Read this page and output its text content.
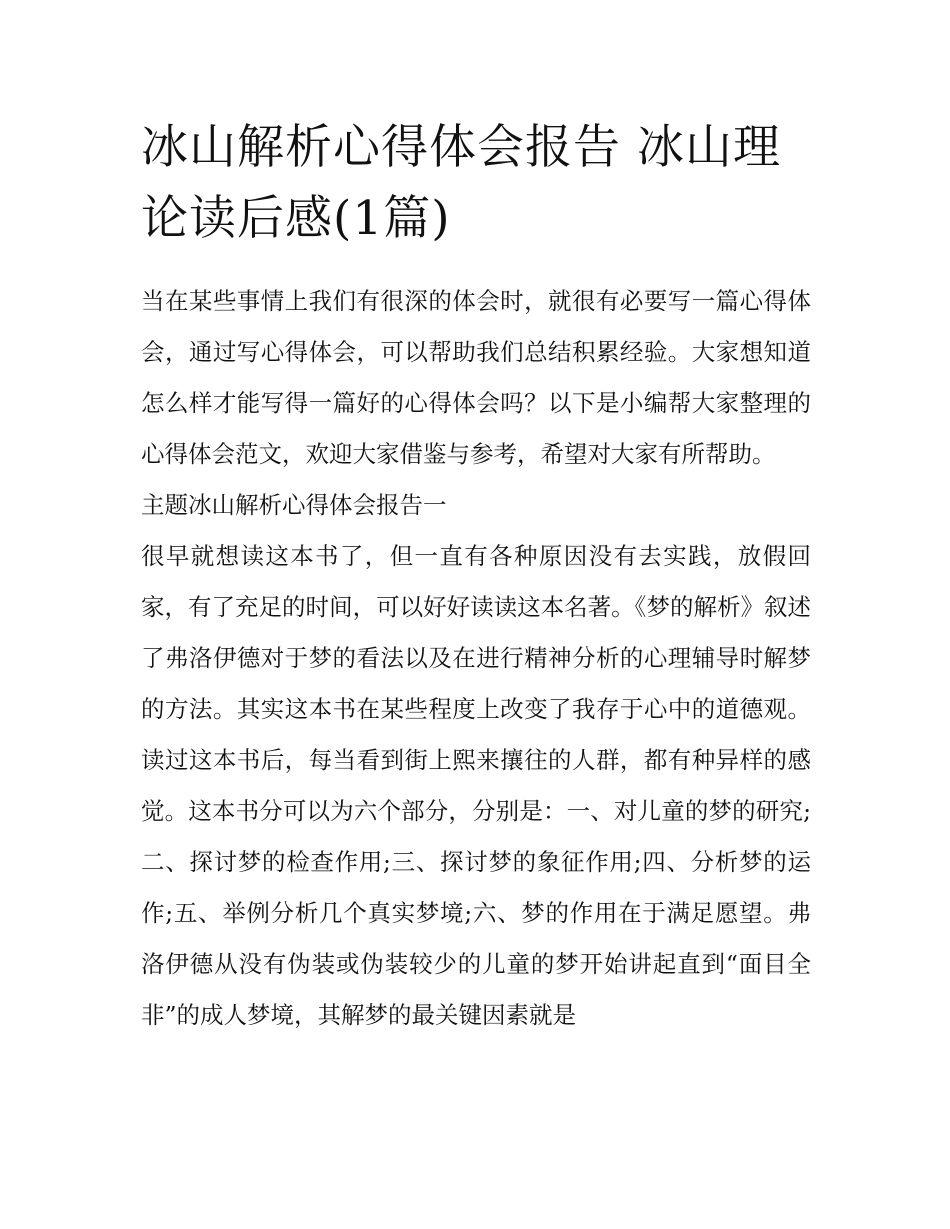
冰山解析心得体会报告 冰山理论读后感(1篇)

当在某些事情上我们有很深的体会时，就很有必要写一篇心得体会，通过写心得体会，可以帮助我们总结积累经验。大家想知道怎么样才能写得一篇好的心得体会吗？以下是小编帮大家整理的心得体会范文，欢迎大家借鉴与参考，希望对大家有所帮助。

主题冰山解析心得体会报告一

很早就想读这本书了，但一直有各种原因没有去实践，放假回家，有了充足的时间，可以好好读读这本名著。《梦的解析》叙述了弗洛伊德对于梦的看法以及在进行精神分析的心理辅导时解梦的方法。其实这本书在某些程度上改变了我存于心中的道德观。读过这本书后，每当看到街上熙来攘往的人群，都有种异样的感觉。这本书分可以为六个部分，分别是：一、对儿童的梦的研究;二、探讨梦的检查作用;三、探讨梦的象征作用;四、分析梦的运作;五、举例分析几个真实梦境;六、梦的作用在于满足愿望。弗洛伊德从没有伪装或伪装较少的儿童的梦开始讲起直到“面目全非”的成人梦境，其解梦的最关键因素就是
